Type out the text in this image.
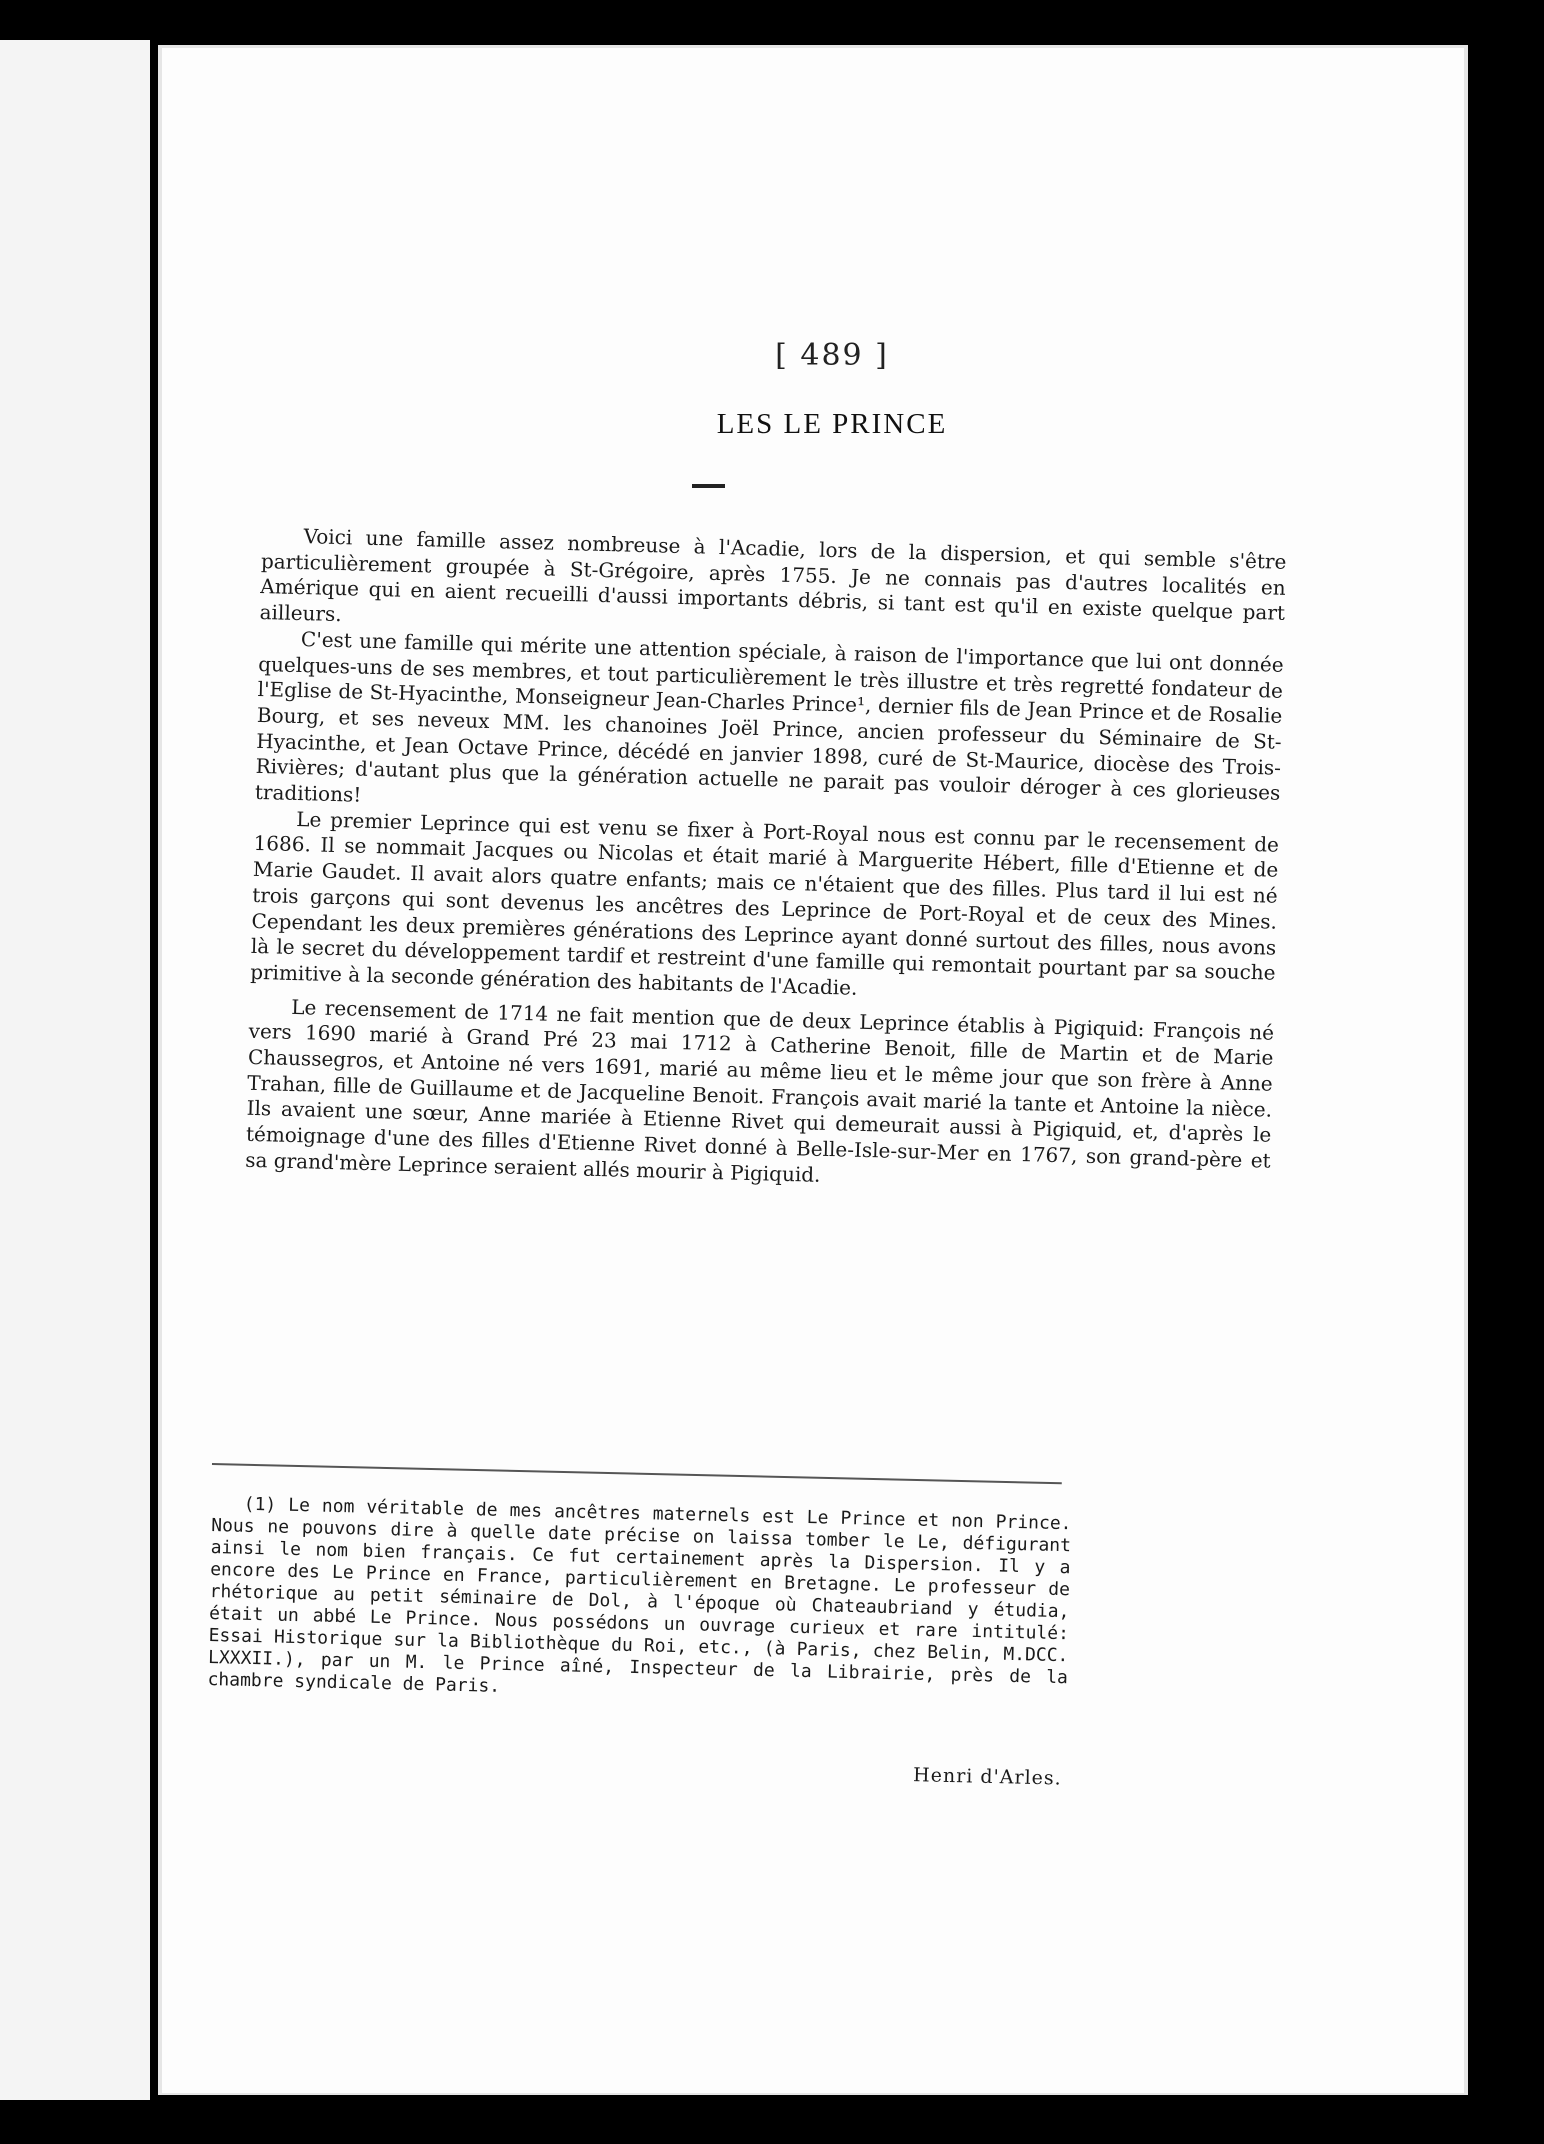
[ 489 ]
LES LE PRINCE

Voici une famille assez nombreuse à l'Acadie, lors de la dispersion, et qui semble s'être particulièrement groupée à St-Grégoire, après 1755. Je ne connais pas d'autres localités en Amérique qui en aient recueilli d'aussi importants débris, si tant est qu'il en existe quelque part ailleurs.

C'est une famille qui mérite une attention spéciale, à raison de l'importance que lui ont donnée quelques-uns de ses membres, et tout particulièrement le très illustre et très regretté fondateur de l'Eglise de St-Hyacinthe, Monseigneur Jean-Charles Prince¹, dernier fils de Jean Prince et de Rosalie Bourg, et ses neveux MM. les chanoines Joël Prince, ancien professeur du Séminaire de St-Hyacinthe, et Jean Octave Prince, décédé en janvier 1898, curé de St-Maurice, diocèse des Trois-Rivières; d'autant plus que la génération actuelle ne parait pas vouloir déroger à ces glorieuses traditions!

Le premier Leprince qui est venu se fixer à Port-Royal nous est connu par le recensement de 1686. Il se nommait Jacques ou Nicolas et était marié à Marguerite Hébert, fille d'Etienne et de Marie Gaudet. Il avait alors quatre enfants; mais ce n'étaient que des filles. Plus tard il lui est né trois garçons qui sont devenus les ancêtres des Leprince de Port-Royal et de ceux des Mines. Cependant les deux premières générations des Leprince ayant donné surtout des filles, nous avons là le secret du développement tardif et restreint d'une famille qui remontait pourtant par sa souche primitive à la seconde génération des habitants de l'Acadie.

Le recensement de 1714 ne fait mention que de deux Leprince établis à Pigiquid: François né vers 1690 marié à Grand Pré 23 mai 1712 à Catherine Benoit, fille de Martin et de Marie Chaussegros, et Antoine né vers 1691, marié au même lieu et le même jour que son frère à Anne Trahan, fille de Guillaume et de Jacqueline Benoit. François avait marié la tante et Antoine la nièce. Ils avaient une sœur, Anne mariée à Etienne Rivet qui demeurait aussi à Pigiquid, et, d'après le témoignage d'une des filles d'Etienne Rivet donné à Belle-Isle-sur-Mer en 1767, son grand-père et sa grand'mère Leprince seraient allés mourir à Pigiquid.

(1) Le nom véritable de mes ancêtres maternels est Le Prince et non Prince. Nous ne pouvons dire à quelle date précise on laissa tomber le Le, défigurant ainsi le nom bien français. Ce fut certainement après la Dispersion. Il y a encore des Le Prince en France, particulièrement en Bretagne. Le professeur de rhétorique au petit séminaire de Dol, à l'époque où Chateaubriand y étudia, était un abbé Le Prince. Nous possédons un ouvrage curieux et rare intitulé: Essai Historique sur la Bibliothèque du Roi, etc., (à Paris, chez Belin, M.DCC. LXXXII.), par un M. le Prince aîné, Inspecteur de la Librairie, près de la chambre syndicale de Paris.

Henri d'Arles.
